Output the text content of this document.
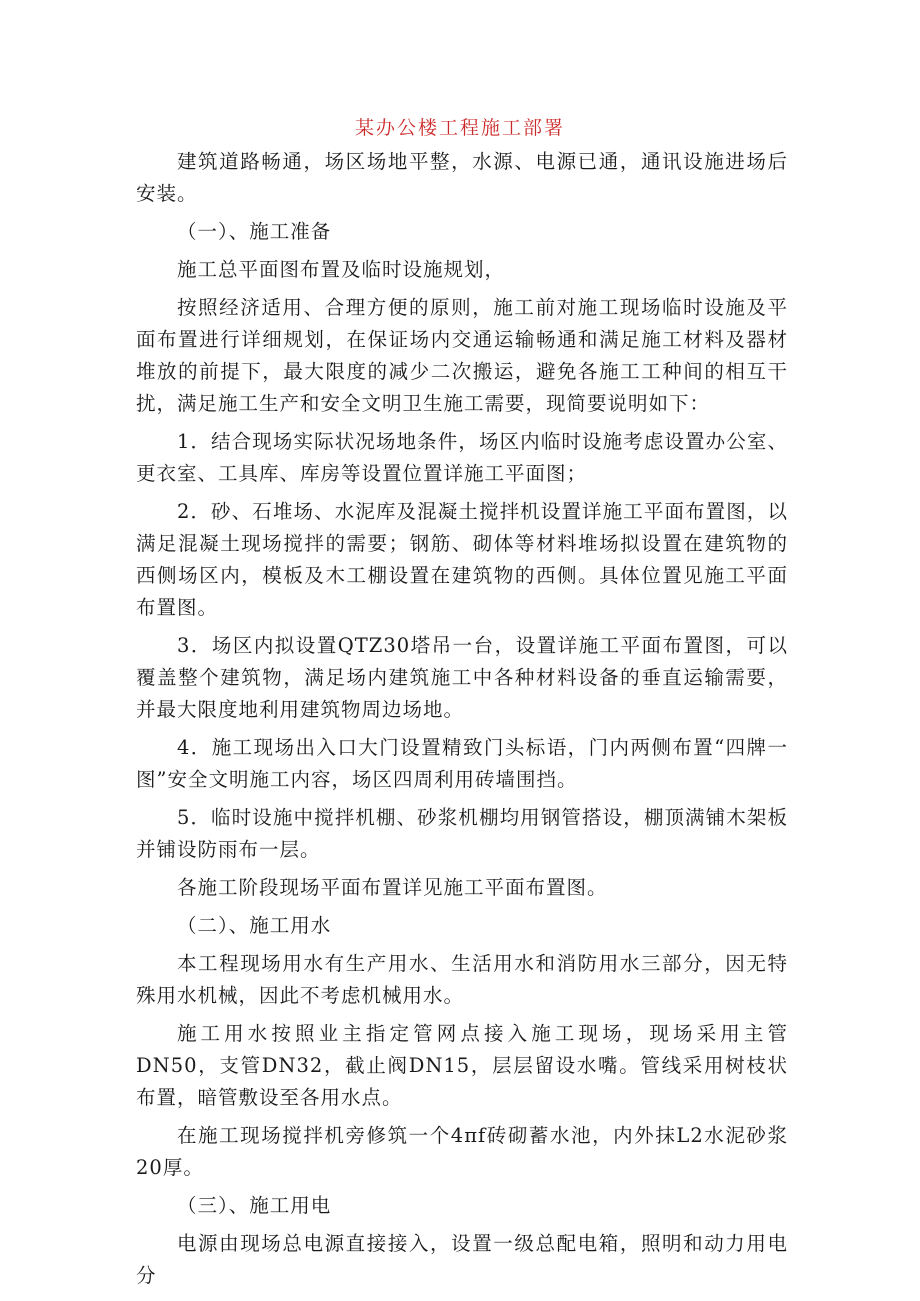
某办公楼工程施工部署

建筑道路畅通，场区场地平整，水源、电源已通，通讯设施进场后安装。

（一）、施工准备

施工总平面图布置及临时设施规划，

按照经济适用、合理方便的原则，施工前对施工现场临时设施及平面布置进行详细规划，在保证场内交通运输畅通和满足施工材料及器材堆放的前提下，最大限度的减少二次搬运，避免各施工工种间的相互干扰，满足施工生产和安全文明卫生施工需要，现简要说明如下：

1．结合现场实际状况场地条件，场区内临时设施考虑设置办公室、更衣室、工具库、库房等设置位置详施工平面图；

2．砂、石堆场、水泥库及混凝土搅拌机设置详施工平面布置图，以满足混凝土现场搅拌的需要；钢筋、砌体等材料堆场拟设置在建筑物的西侧场区内，模板及木工棚设置在建筑物的西侧。具体位置见施工平面布置图。

3．场区内拟设置QTZ30塔吊一台，设置详施工平面布置图，可以覆盖整个建筑物，满足场内建筑施工中各种材料设备的垂直运输需要，并最大限度地利用建筑物周边场地。

4．施工现场出入口大门设置精致门头标语，门内两侧布置“四牌一图”安全文明施工内容，场区四周利用砖墙围挡。

5．临时设施中搅拌机棚、砂浆机棚均用钢管搭设，棚顶满铺木架板并铺设防雨布一层。

各施工阶段现场平面布置详见施工平面布置图。

（二）、施工用水

本工程现场用水有生产用水、生活用水和消防用水三部分，因无特殊用水机械，因此不考虑机械用水。

施工用水按照业主指定管网点接入施工现场，现场采用主管DN50，支管DN32，截止阀DN15，层层留设水嘴。管线采用树枝状布置，暗管敷设至各用水点。

在施工现场搅拌机旁修筑一个4πf砖砌蓄水池，内外抹L2水泥砂浆20厚。

（三）、施工用电

电源由现场总电源直接接入，设置一级总配电箱，照明和动力用电分
